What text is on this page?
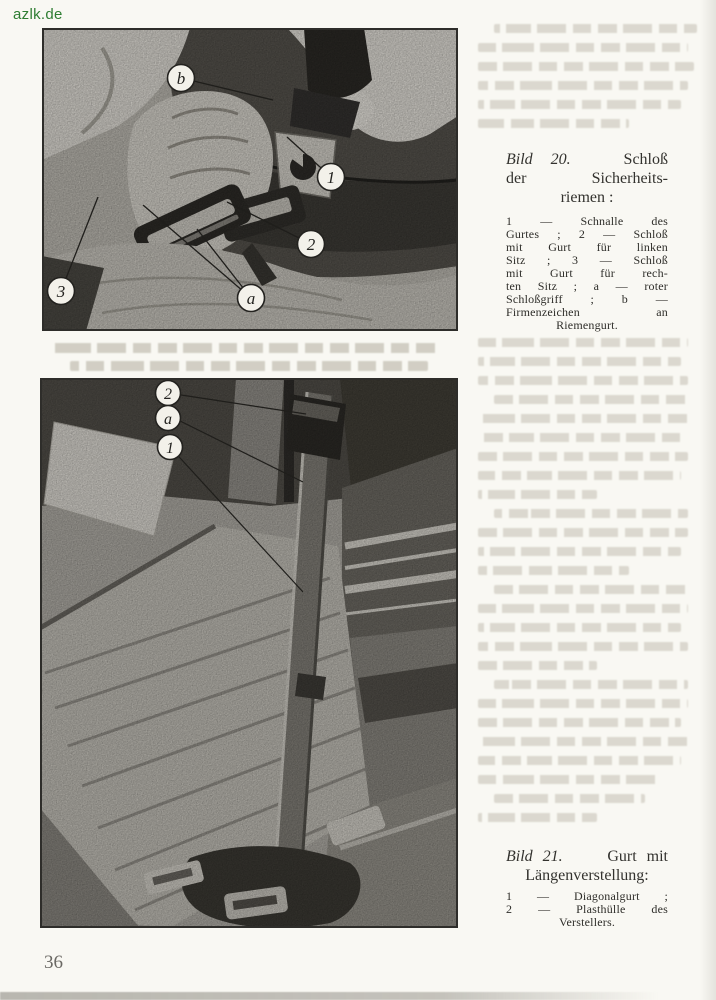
azlk.de
b
1
2
3	a
2
a
1
Bild 20.	Schloß
der	Sicherheits-
riemen :
1 — Schnalle des
Gurtes ; 2 — Schloß
mit Gurt für linken
Sitz ; 3 — Schloß
mit Gurt für rech-
ten Sitz ; a — roter
Schloßgriff ; b —
Firmenzeichen an
Riemengurt.
Bild 21.	Gurt mit
Längenverstellung:
1 — Diagonalgurt ;
2 — Plasthülle des
Verstellers.
36
